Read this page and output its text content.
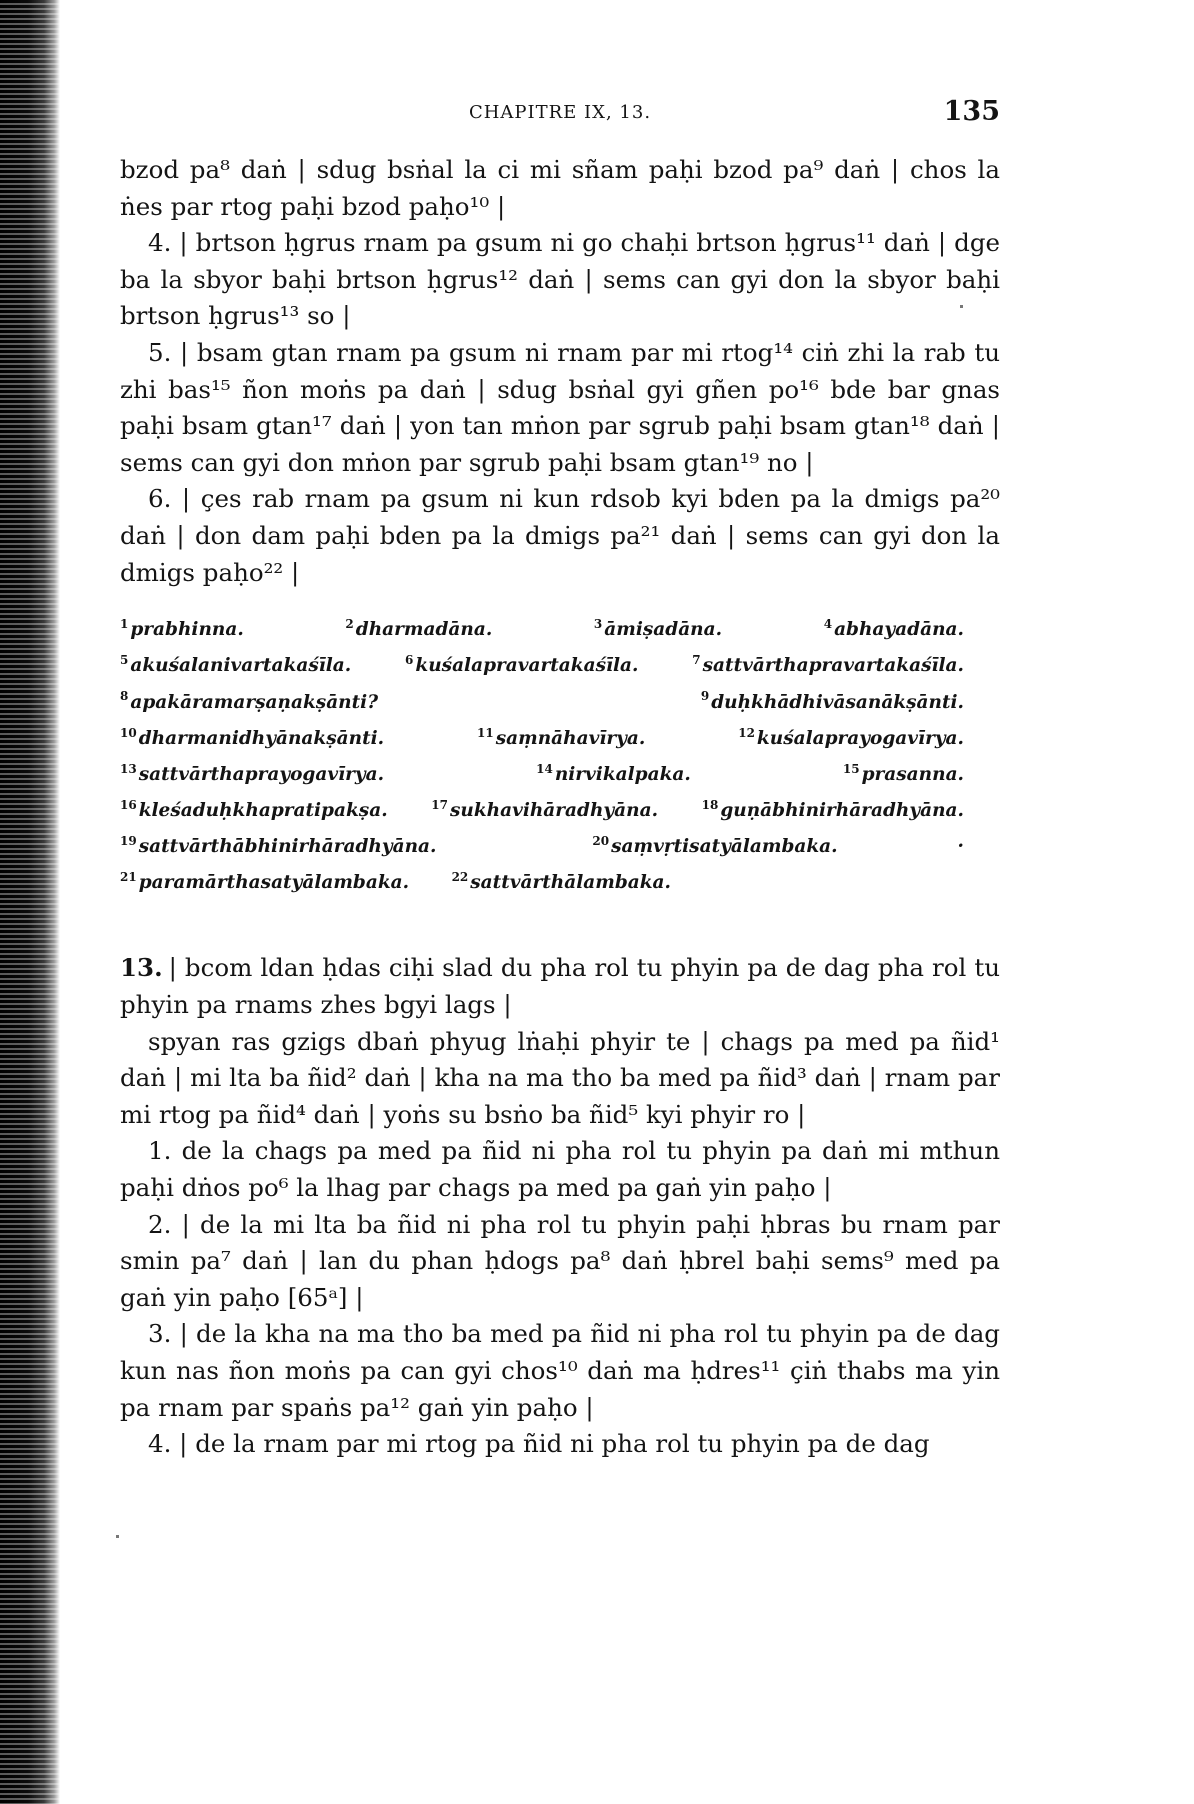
CHAPITRE IX, 13.	135

bzod pa⁸ daṅ | sdug bsṅal la ci mi sñam paḥi bzod pa⁹ daṅ | chos la ṅes par rtog paḥi bzod paḥo¹⁰ |

4. | brtson ḥgrus rnam pa gsum ni go chaḥi brtson ḥgrus¹¹ daṅ | dge ba la sbyor baḥi brtson ḥgrus¹² daṅ | sems can gyi don la sbyor baḥi brtson ḥgrus¹³ so |

5. | bsam gtan rnam pa gsum ni rnam par mi rtog¹⁴ ciṅ zhi la rab tu zhi bas¹⁵ ñon moṅs pa daṅ | sdug bsṅal gyi gñen po¹⁶ bde bar gnas paḥi bsam gtan¹⁷ daṅ | yon tan mṅon par sgrub paḥi bsam gtan¹⁸ daṅ | sems can gyi don mṅon par sgrub paḥi bsam gtan¹⁹ no |

6. | çes rab rnam pa gsum ni kun rdsob kyi bden pa la dmigs pa²⁰ daṅ | don dam paḥi bden pa la dmigs pa²¹ daṅ | sems can gyi don la dmigs paḥo²² |

$^1$ prabhinna.	$^2$ dharmadāna.	$^3$ āmiṣadāna.	$^4$ abhayadāna. $^5$ akuśalanivartakaśīla.	$^6$ kuśalapravartakaśīla.	$^7$ sattvārthapravartakaśīla. $^8$ apakāramarṣaṇakṣānti?	$^9$ duḥkhādhivāsanākṣānti. $^{10}$ dharmanidhyānakṣānti.	$^{11}$ saṃnāhavīrya.	$^{12}$ kuśalaprayogavīrya. $^{13}$ sattvārthaprayogavīrya.	$^{14}$ nirvikalpaka.	$^{15}$ prasanna. $^{16}$ kleśaduḥkhapratipakṣa.	$^{17}$ sukhavihāradhyāna.	$^{18}$ guṇābhinirhāradhyāna. $^{19}$ sattvārthābhinirhāradhyāna.	$^{20}$ saṃvṛtisatyālambaka. · $^{21}$ paramārthasatyālambaka.	$^{22}$ sattvārthālambaka.

13. | bcom ldan ḥdas ciḥi slad du pha rol tu phyin pa de dag pha rol tu phyin pa rnams zhes bgyi lags |

spyan ras gzigs dbaṅ phyug lṅaḥi phyir te | chags pa med pa ñid¹ daṅ | mi lta ba ñid² daṅ | kha na ma tho ba med pa ñid³ daṅ | rnam par mi rtog pa ñid⁴ daṅ | yoṅs su bsṅo ba ñid⁵ kyi phyir ro |

1. de la chags pa med pa ñid ni pha rol tu phyin pa daṅ mi mthun paḥi dṅos po⁶ la lhag par chags pa med pa gaṅ yin paḥo |

2. | de la mi lta ba ñid ni pha rol tu phyin paḥi ḥbras bu rnam par smin pa⁷ daṅ | lan du phan ḥdogs pa⁸ daṅ ḥbrel baḥi sems⁹ med pa gaṅ yin paḥo [65ᵃ] |

3. | de la kha na ma tho ba med pa ñid ni pha rol tu phyin pa de dag kun nas ñon moṅs pa can gyi chos¹⁰ daṅ ma ḥdres¹¹ çiṅ thabs ma yin pa rnam par spaṅs pa¹² gaṅ yin paḥo |

4. | de la rnam par mi rtog pa ñid ni pha rol tu phyin pa de dag
